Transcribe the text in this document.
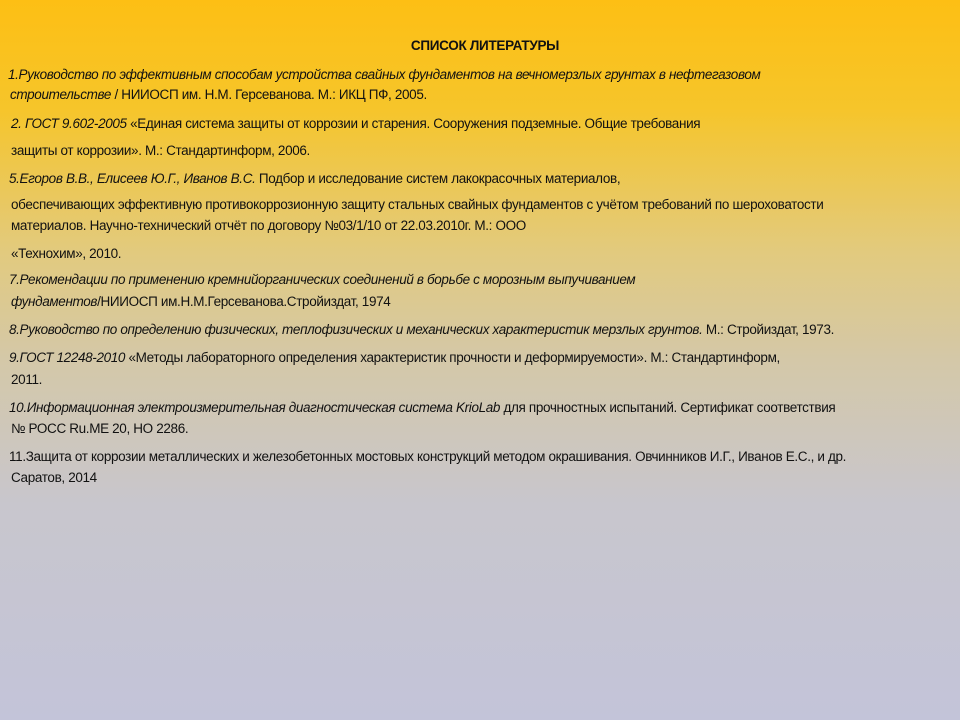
СПИСОК ЛИТЕРАТУРЫ
1.Руководство по эффективным способам устройства свайных фундаментов на вечномерзлых грунтах в нефтегазовом
строительстве / НИИОСП им. Н.М. Герсеванова. М.: ИКЦ ПФ, 2005.
2. ГОСТ 9.602-2005 «Единая система защиты от коррозии и старения. Сооружения подземные. Общие требования
защиты от коррозии». М.: Стандартинформ, 2006.
5.Егоров В.В., Елисеев Ю.Г., Иванов В.С. Подбор и исследование систем лакокрасочных материалов,
обеспечивающих эффективную противокоррозионную защиту стальных свайных фундаментов с учётом требований по шероховатости
материалов. Научно-технический отчёт по договору №03/1/10 от 22.03.2010г. М.: ООО
«Технохим», 2010.
7.Рекомендации по применению кремнийорганических соединений в борьбе с морозным выпучиванием
фундаментов/НИИОСП им.Н.М.Герсеванова.Стройиздат, 1974
8.Руководство по определению физических, теплофизических и механических характеристик мерзлых грунтов. М.: Стройиздат, 1973.
9.ГОСТ 12248-2010 «Методы лабораторного определения характеристик прочности и деформируемости». М.: Стандартинформ,
2011.
10.Информационная электроизмерительная диагностическая система KrioLab для прочностных испытаний. Сертификат соответствия
№ РОСС Ru.ME 20, НО 2286.
11.Защита от коррозии металлических и железобетонных мостовых конструкций методом окрашивания. Овчинников И.Г., Иванов Е.С., и др.
Саратов, 2014
